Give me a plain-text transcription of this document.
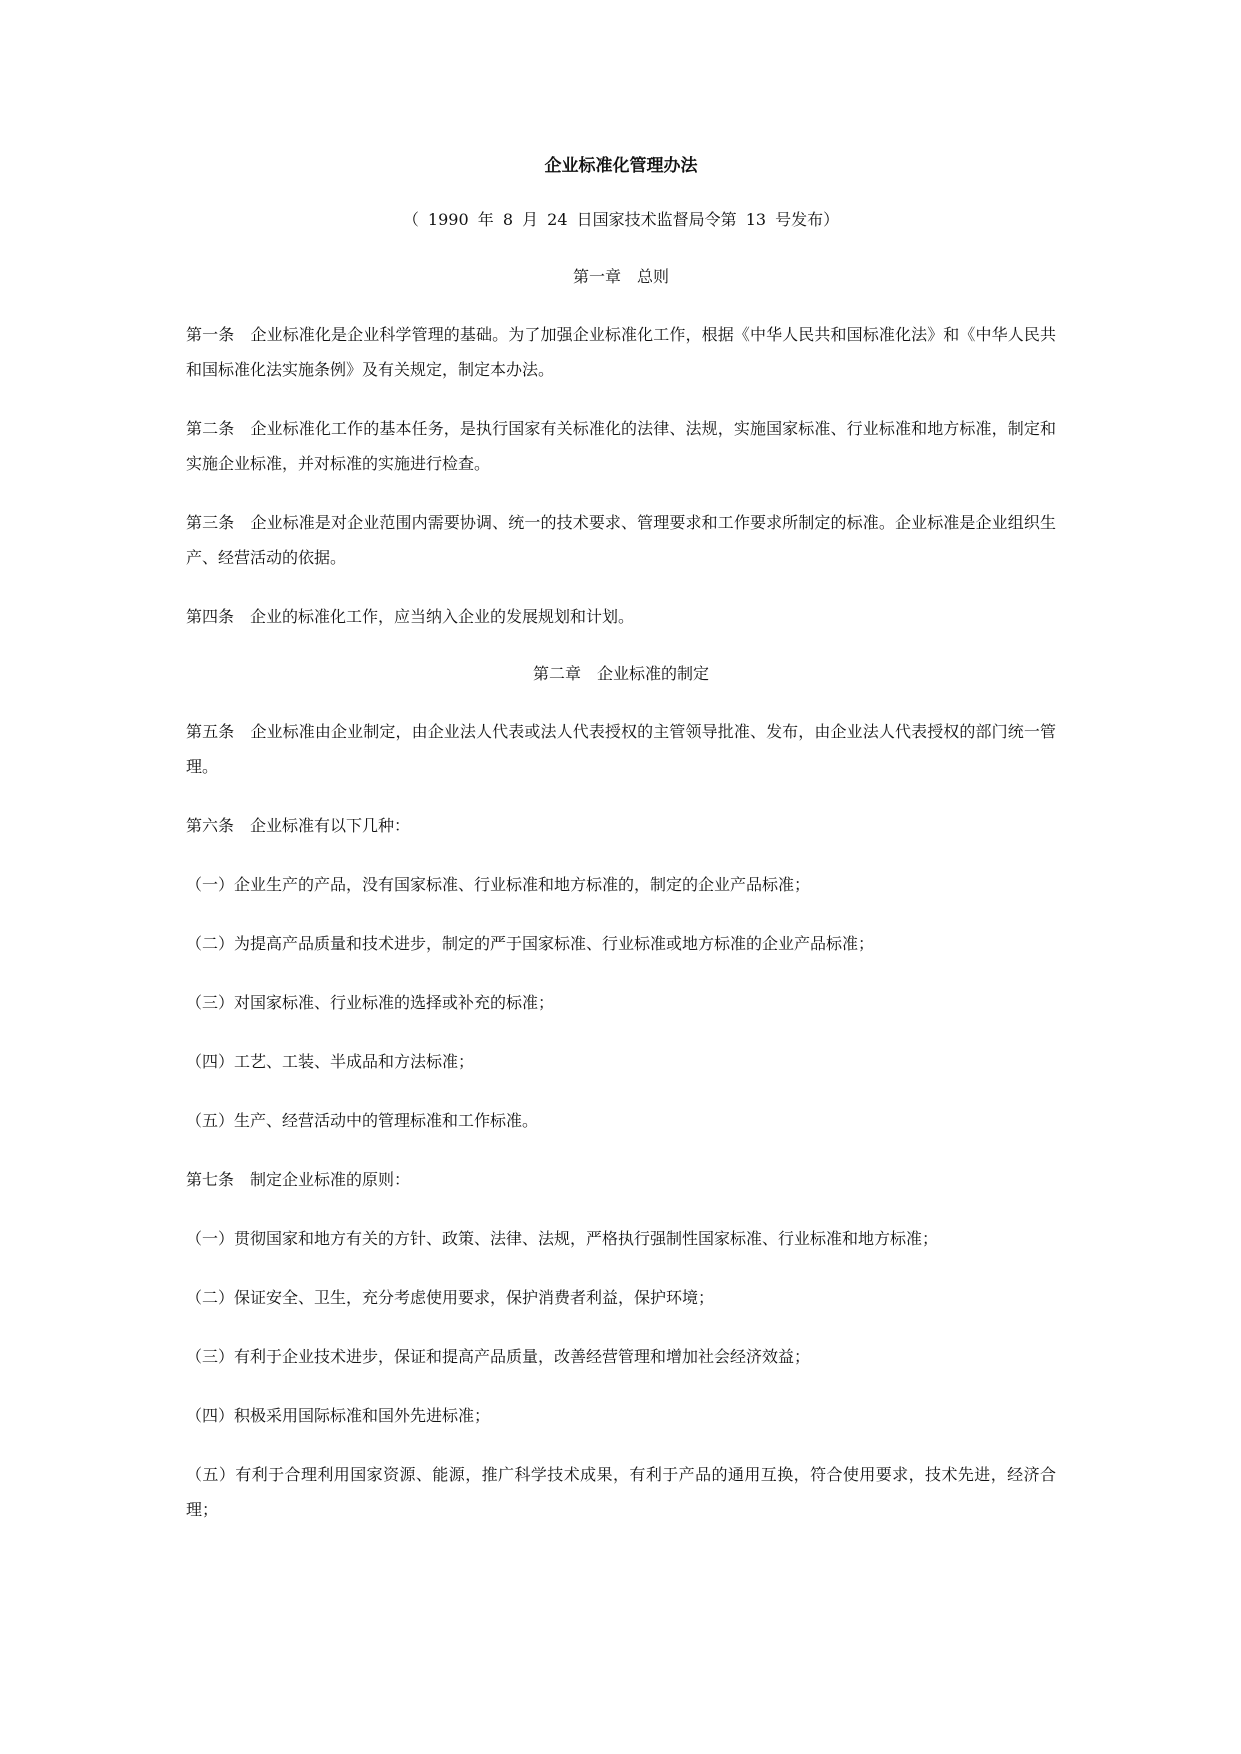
企业标准化管理办法
（ 1990 年 8 月 24 日国家技术监督局令第 13 号发布）
第一章　总则

第一条　企业标准化是企业科学管理的基础。为了加强企业标准化工作，根据《中华人民共和国标准化法》和《中华人民共和国标准化法实施条例》及有关规定，制定本办法。

第二条　企业标准化工作的基本任务，是执行国家有关标准化的法律、法规，实施国家标准、行业标准和地方标准，制定和实施企业标准，并对标准的实施进行检查。

第三条　企业标准是对企业范围内需要协调、统一的技术要求、管理要求和工作要求所制定的标准。企业标准是企业组织生产、经营活动的依据。

第四条　企业的标准化工作，应当纳入企业的发展规划和计划。

第二章　企业标准的制定

第五条　企业标准由企业制定，由企业法人代表或法人代表授权的主管领导批准、发布，由企业法人代表授权的部门统一管理。

第六条　企业标准有以下几种：

（一）企业生产的产品，没有国家标准、行业标准和地方标准的，制定的企业产品标准；

（二）为提高产品质量和技术进步，制定的严于国家标准、行业标准或地方标准的企业产品标准；

（三）对国家标准、行业标准的选择或补充的标准；

（四）工艺、工装、半成品和方法标准；

（五）生产、经营活动中的管理标准和工作标准。

第七条　制定企业标准的原则：

（一）贯彻国家和地方有关的方针、政策、法律、法规，严格执行强制性国家标准、行业标准和地方标准；

（二）保证安全、卫生，充分考虑使用要求，保护消费者利益，保护环境；

（三）有利于企业技术进步，保证和提高产品质量，改善经营管理和增加社会经济效益；

（四）积极采用国际标准和国外先进标准；

（五）有利于合理利用国家资源、能源，推广科学技术成果，有利于产品的通用互换，符合使用要求，技术先进，经济合理；
